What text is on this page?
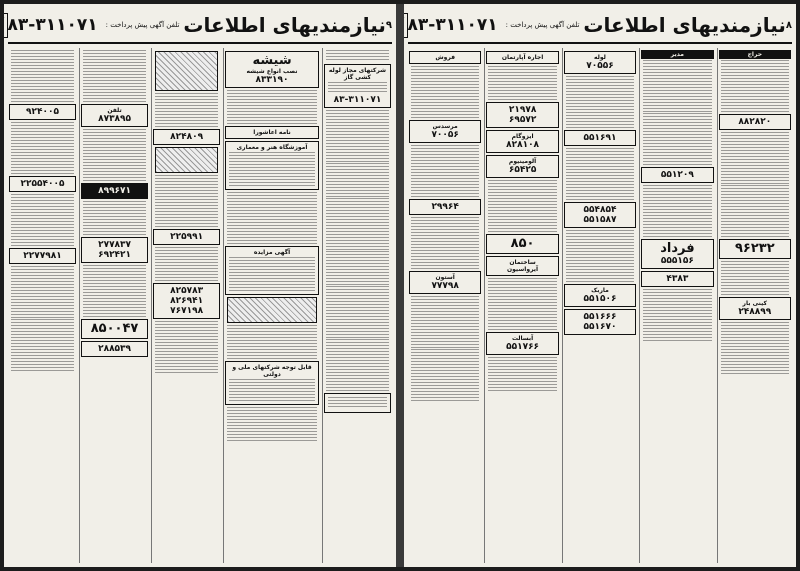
۹
نیازمندیهای اطلاعات
تلفن آگهی پیش پرداخت :
۸۳-۳۱۱۰۷۱

شرکتهای مجاز لوله کشی گاز
۸۳-۳۱۱۰۷۱
شیشه
نصب انواع شیشه
۸۳۳۱۹۰
نامه اعاشورا
آموزشگاه هنر و معماری
آگهی مزایده
قابل توجه شرکتهای ملی و دولتی
۸۲۴۸۰۹
۲۲۵۹۹۱
۸۲۵۷۸۳
۸۲۶۹۴۱
۷۶۷۱۹۸
تلفن
۸۷۳۸۹۵
۸۹۹۶۷۱
۲۷۷۸۳۷
۶۹۲۴۲۱
۸۵۰۰۴۷
۲۸۸۵۳۹
۹۲۴۰۰۵
۲۲۵۵۴۰۰۵
۲۲۷۷۹۸۱
۸
نیازمندیهای اطلاعات
تلفن آگهی پیش پرداخت :
۸۳-۳۱۱۰۷۱

حراج
۸۸۲۸۲۰
۹۶۲۳۲
کینی بار
۲۴۸۸۹۹
مدیر
۵۵۱۲۰۹
فرداد
۵۵۵۱۵۶
۴۳۸۳
لوله
۷۰۵۵۶
۵۵۱۶۹۱
۵۵۴۸۵۴
۵۵۱۵۸۷
ماربک
۵۵۱۵۰۶
۵۵۱۶۶۶
۵۵۱۶۷۰
اجاره آپارتمان
۲۱۹۷۸
۶۹۵۷۲
ایزوگام
۸۲۸۱۰۸
آلومینیوم
۶۵۴۲۵
۸۵۰
ساختمان
آیرواسیون
آبسالت
۵۵۱۷۶۶
فروش
مرسدس
۷۰۰۵۶
۲۹۹۶۴
آستون
۷۷۷۹۸
